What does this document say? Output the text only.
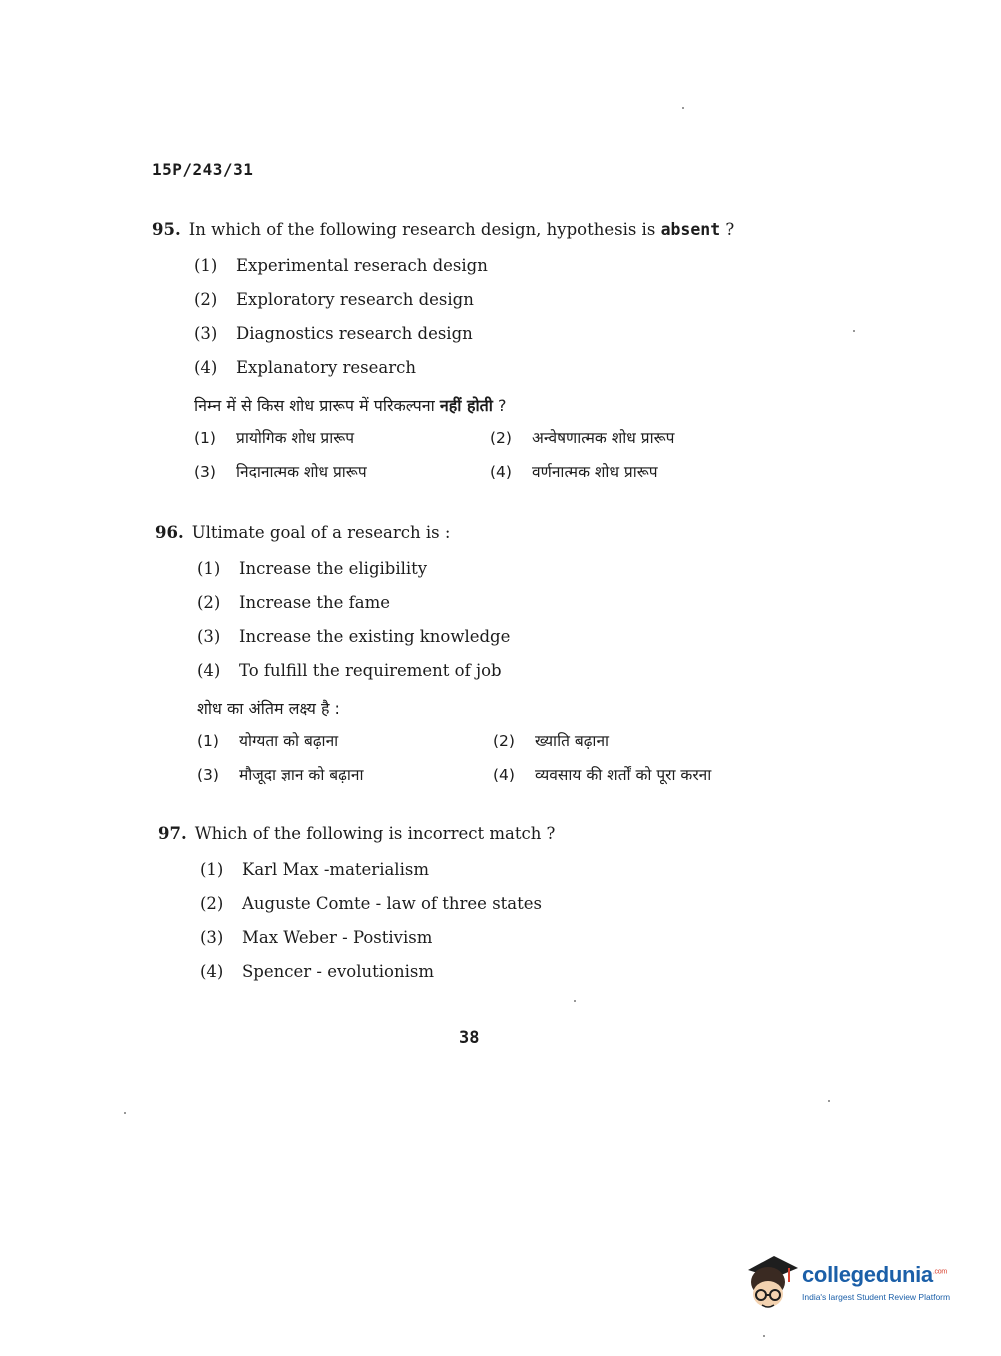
15P/243/31
95. In which of the following research design, hypothesis is absent ?
(1)	Experimental reserach design
(2)	Exploratory research design
(3)	Diagnostics research design
(4)	Explanatory research
निम्न में से किस शोध प्रारूप में परिकल्पना नहीं होती ?
(1)	प्रायोगिक शोध प्रारूप	(2)	अन्वेषणात्मक शोध प्रारूप
(3)	निदानात्मक शोध प्रारूप	(4)	वर्णनात्मक शोध प्रारूप
96. Ultimate goal of a research is :
(1)	Increase the eligibility
(2)	Increase the fame
(3)	Increase the existing knowledge
(4)	To fulfill the requirement of job
शोध का अंतिम लक्ष्य है :
(1)	योग्यता को बढ़ाना	(2)	ख्याति बढ़ाना
(3)	मौजूदा ज्ञान को बढ़ाना	(4)	व्यवसाय की शर्तों को पूरा करना
97. Which of the following is incorrect match ?
(1)	Karl Max -materialism
(2)	Auguste Comte - law of three states
(3)	Max Weber - Postivism
(4)	Spencer - evolutionism
38
collegedunia$^{.com}$
India's largest Student Review Platform
